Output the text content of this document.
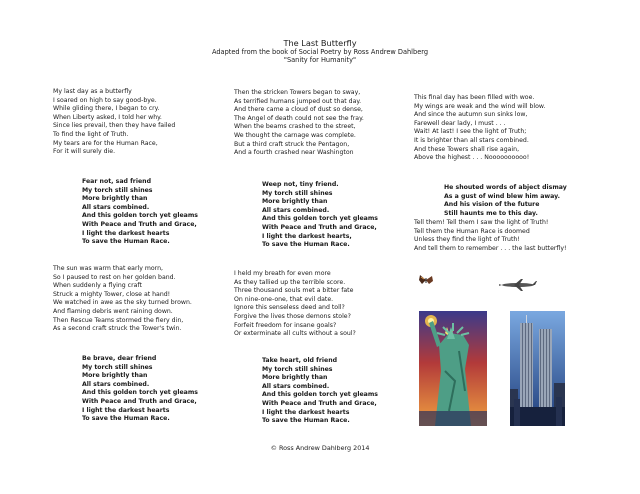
The Last Butterfly
Adapted from the book of Social Poetry by Ross Andrew Dahlberg
"Sanity for Humanity"
My last day as a butterfly
I soared on high to say good-bye.
While gliding there, I began to cry.
When Liberty asked, I told her why.
Since lies prevail, then they have failed
To find the light of Truth.
My tears are for the Human Race,
For it will surely die.
Fear not, sad friend
My torch still shines
More brightly than
All stars combined.
And this golden torch yet gleams
With Peace and Truth and Grace,
I light the darkest hearts
To save the Human Race.
The sun was warm that early morn,
So I paused to rest on her golden band.
When suddenly a flying craft
Struck a mighty Tower, close at hand!
We watched in awe as the sky turned brown.
And flaming debris went raining down.
Then Rescue Teams stormed the fiery din,
As a second craft struck the Tower's twin.
Be brave, dear friend
My torch still shines
More brightly than
All stars combined.
And this golden torch yet gleams
With Peace and Truth and Grace,
I light the darkest hearts
To save the Human Race.
Then the stricken Towers began to sway,
As terrified humans jumped out that day.
And there came a cloud of dust so dense,
The Angel of death could not see the fray.
When the beams crashed to the street,
We thought the carnage was complete.
But a third craft struck the Pentagon,
And a fourth crashed near Washington
Weep not, tiny friend.
My torch still shines
More brightly than
All stars combined.
And this golden torch yet gleams
With Peace and Truth and Grace,
I light the darkest hearts,
To save the Human Race.
I held my breath for even more
As they tallied up the terrible score.
Three thousand souls met a bitter fate
On nine-one-one, that evil date.
Ignore this senseless deed and toll?
Forgive the lives those demons stole?
Forfeit freedom for insane goals?
Or exterminate all cults without a soul?
Take heart, old friend
My torch still shines
More brightly than
All stars combined.
And this golden torch yet gleams
With Peace and Truth and Grace,
I light the darkest hearts
To save the Human Race.
This final day has been filled with woe.
My wings are weak and the wind will blow.
And since the autumn sun sinks low,
Farewell dear lady, I must . . .
Wait! At last! I see the light of Truth;
It is brighter than all stars combined.
And these Towers shall rise again,
Above the highest . . . Noooooooooo!
He shouted words of abject dismay
As a gust of wind blew him away.
And his vision of the future
Still haunts me to this day.
Tell them! Tell them I saw the light of Truth!
Tell them the Human Race is doomed
Unless they find the light of Truth!
And tell them to remember . . . the last butterfly!
© Ross Andrew Dahlberg 2014
